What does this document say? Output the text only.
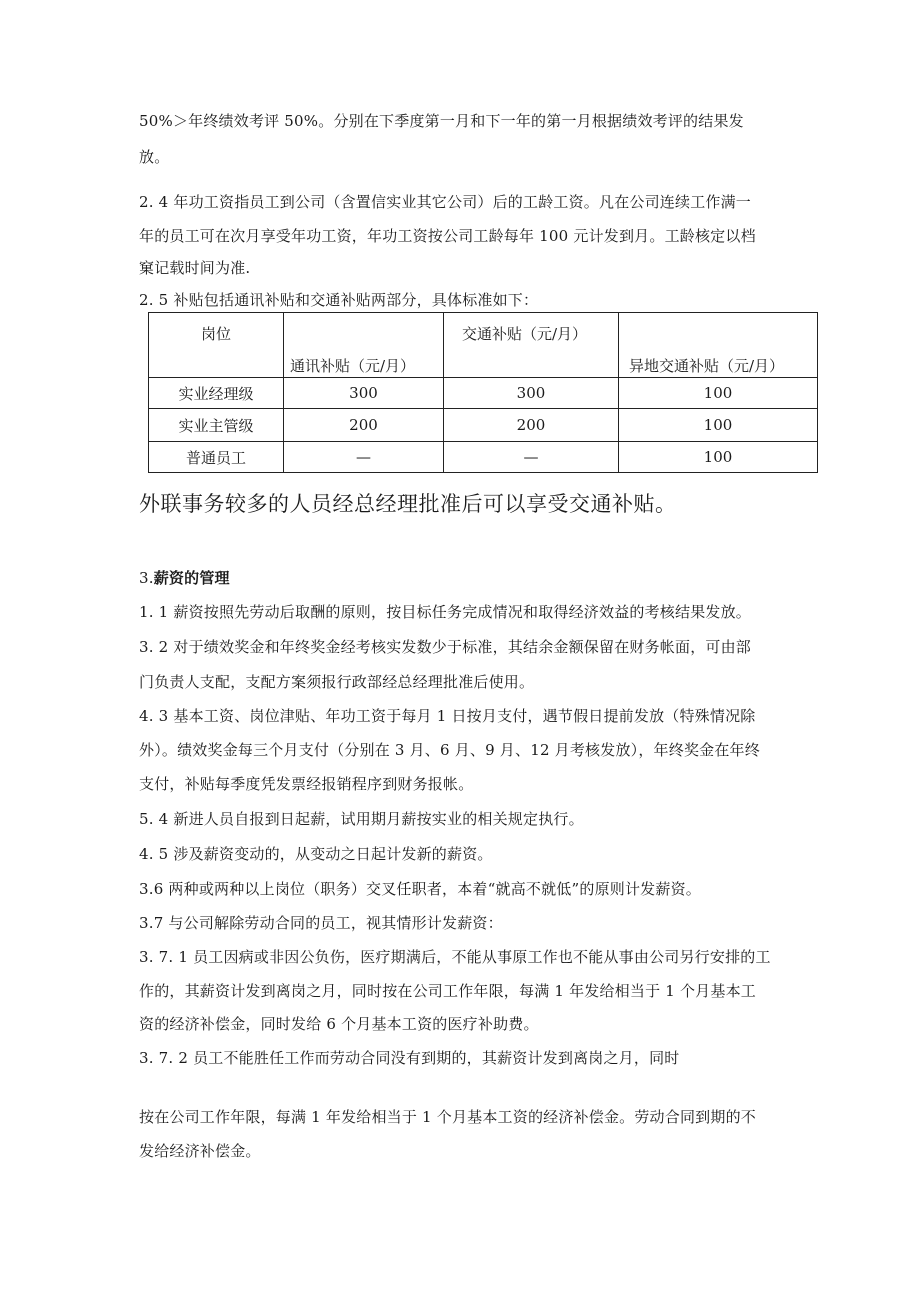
50%＞年终绩效考评 50%。分别在下季度第一月和下一年的第一月根据绩效考评的结果发
放。
2. 4 年功工资指员工到公司（含置信实业其它公司）后的工龄工资。凡在公司连续工作满一
年的员工可在次月享受年功工资，年功工资按公司工龄每年 100 元计发到月。工龄核定以档
窠记载时间为准.
2. 5 补贴包括通讯补贴和交通补贴两部分，具体标准如下：
岗位	通讯补贴（元/月）	交通补贴（元/月）	异地交通补贴（元/月）

实业经理级	300	300	100
实业主管级	200	200	100
普通员工	—	—	100
外联事务较多的人员经总经理批准后可以享受交通补贴。
3.薪资的管理
1. 1 薪资按照先劳动后取酬的原则，按目标任务完成情况和取得经济效益的考核结果发放。
3. 2 对于绩效奖金和年终奖金经考核实发数少于标准，其结余金额保留在财务帐面，可由部
门负责人支配，支配方案须报行政部经总经理批准后使用。
4. 3 基本工资、岗位津贴、年功工资于每月 1 日按月支付，遇节假日提前发放（特殊情况除
外）。绩效奖金每三个月支付（分别在 3 月、6 月、9 月、12 月考核发放），年终奖金在年终
支付，补贴每季度凭发票经报销程序到财务报帐。
5. 4 新进人员自报到日起薪，试用期月薪按实业的相关规定执行。
4. 5 涉及薪资变动的，从变动之日起计发新的薪资。
3.6 两种或两种以上岗位（职务）交叉任职者，本着“就高不就低”的原则计发薪资。
3.7 与公司解除劳动合同的员工，视其情形计发薪资：
3. 7. 1 员工因病或非因公负伤，医疗期满后，不能从事原工作也不能从事由公司另行安排的工
作的，其薪资计发到离岗之月，同时按在公司工作年限，每满 1 年发给相当于 1 个月基本工
资的经济补偿金，同时发给 6 个月基本工资的医疗补助费。
3. 7. 2 员工不能胜任工作而劳动合同没有到期的，其薪资计发到离岗之月，同时
按在公司工作年限，每满 1 年发给相当于 1 个月基本工资的经济补偿金。劳动合同到期的不
发给经济补偿金。
